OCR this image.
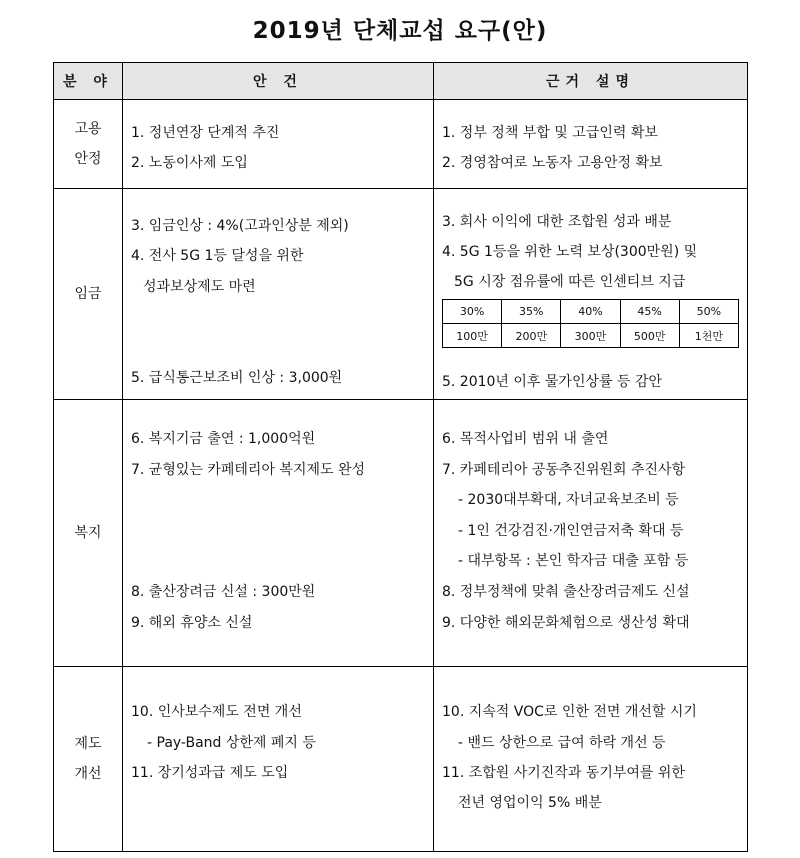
2019년 단체교섭 요구(안)
분 야	안 건	근거 설명

고용
안정

1. 정년연장 단계적 추진
2. 노동이사제 도입

1. 정부 정책 부합 및 고급인력 확보
2. 경영참여로 노동자 고용안정 확보

임금	
3. 임금인상 : 4%(고과인상분 제외)
4. 전사 5G 1등 달성을 위한
성과보상제도 마련
5. 급식통근보조비 인상 : 3,000원

3. 회사 이익에 대한 조합원 성과 배분
4. 5G 1등을 위한 노력 보상(300만원) 및
5G 시장 점유률에 따른 인센티브 지급
30%	35%	40%	45%	50%
100만	200만	300만	500만	1천만
5. 2010년 이후 물가인상률 등 감안

복지	
6. 복지기금 출연 : 1,000억원
7. 균형있는 카페테리아 복지제도 완성
8. 출산장려금 신설 : 300만원
9. 해외 휴양소 신설

6. 목적사업비 범위 내 출연
7. 카페테리아 공동추진위원회 추진사항
- 2030대부확대, 자녀교육보조비 등
- 1인 건강검진·개인연금저축 확대 등
- 대부항목 : 본인 학자금 대출 포함 등
8. 정부정책에 맞춰 출산장려금제도 신설
9. 다양한 해외문화체험으로 생산성 확대

제도
개선

10. 인사보수제도 전면 개선
- Pay-Band 상한제 폐지 등
11. 장기성과급 제도 도입

10. 지속적 VOC로 인한 전면 개선할 시기
- 밴드 상한으로 급여 하락 개선 등
11. 조합원 사기진작과 동기부여를 위한
전년 영업이익 5% 배분
